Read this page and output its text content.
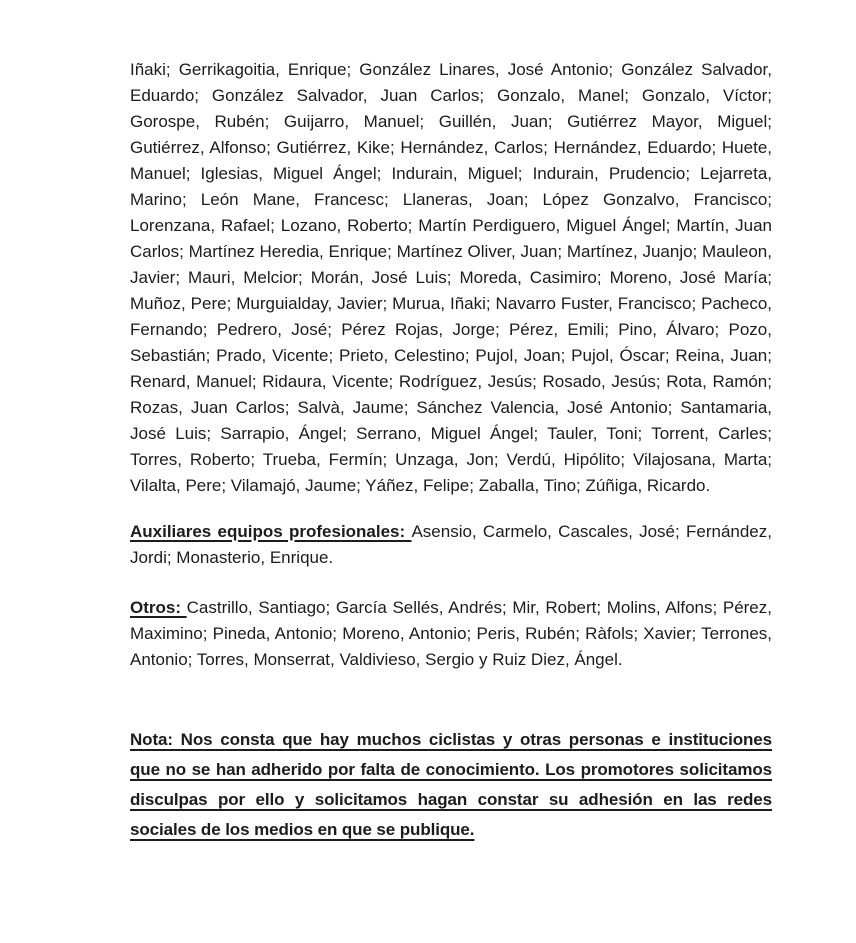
Iñaki; Gerrikagoitia, Enrique; González Linares, José Antonio; González Salvador, Eduardo; González Salvador, Juan Carlos; Gonzalo, Manel; Gonzalo, Víctor; Gorospe, Rubén; Guijarro, Manuel; Guillén, Juan; Gutiérrez Mayor, Miguel; Gutiérrez, Alfonso; Gutiérrez, Kike; Hernández, Carlos; Hernández, Eduardo; Huete, Manuel; Iglesias, Miguel Ángel; Indurain, Miguel; Indurain, Prudencio; Lejarreta, Marino; León Mane, Francesc; Llaneras, Joan; López Gonzalvo, Francisco; Lorenzana, Rafael; Lozano, Roberto; Martín Perdiguero, Miguel Ángel; Martín, Juan Carlos; Martínez Heredia, Enrique; Martínez Oliver, Juan; Martínez, Juanjo; Mauleon, Javier; Mauri, Melcior; Morán, José Luis; Moreda, Casimiro; Moreno, José María; Muñoz, Pere; Murguialday, Javier; Murua, Iñaki; Navarro Fuster, Francisco; Pacheco, Fernando; Pedrero, José; Pérez Rojas, Jorge; Pérez, Emili; Pino, Álvaro; Pozo, Sebastián; Prado, Vicente; Prieto, Celestino; Pujol, Joan; Pujol, Óscar; Reina, Juan; Renard, Manuel; Ridaura, Vicente; Rodríguez, Jesús; Rosado, Jesús; Rota, Ramón; Rozas, Juan Carlos; Salvà, Jaume; Sánchez Valencia, José Antonio; Santamaria, José Luis; Sarrapio, Ángel; Serrano, Miguel Ángel; Tauler, Toni; Torrent, Carles; Torres, Roberto; Trueba, Fermín; Unzaga, Jon; Verdú, Hipólito; Vilajosana, Marta; Vilalta, Pere; Vilamajó, Jaume; Yáñez, Felipe; Zaballa, Tino; Zúñiga, Ricardo.

Auxiliares equipos profesionales: Asensio, Carmelo, Cascales, José; Fernández, Jordi; Monasterio, Enrique.

Otros: Castrillo, Santiago; García Sellés, Andrés; Mir, Robert; Molins, Alfons; Pérez, Maximino; Pineda, Antonio; Moreno, Antonio; Peris, Rubén; Ràfols; Xavier; Terrones, Antonio; Torres, Monserrat, Valdivieso, Sergio y Ruiz Diez, Ángel.

Nota: Nos consta que hay muchos ciclistas y otras personas e instituciones que no se han adherido por falta de conocimiento. Los promotores solicitamos disculpas por ello y solicitamos hagan constar su adhesión en las redes sociales de los medios en que se publique.
